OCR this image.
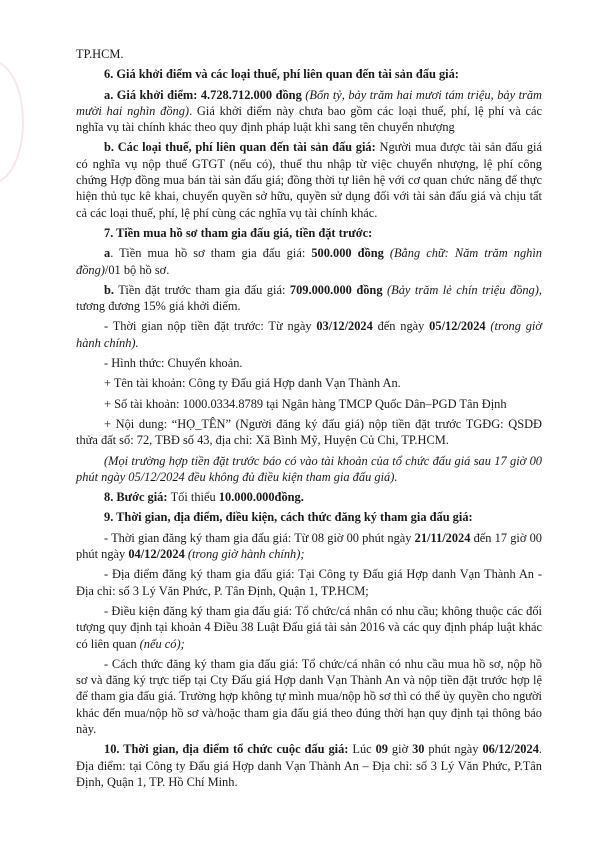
TP.HCM.

6. Giá khởi điểm và các loại thuế, phí liên quan đến tài sản đấu giá:

a. Giá khởi điểm: 4.728.712.000 đồng (Bốn tỷ, bảy trăm hai mươi tám triệu, bảy trăm mười hai nghìn đồng). Giá khởi điểm này chưa bao gồm các loại thuế, phí, lệ phí và các nghĩa vụ tài chính khác theo quy định pháp luật khi sang tên chuyển nhượng

b. Các loại thuế, phí liên quan đến tài sản đấu giá: Người mua được tài sản đấu giá có nghĩa vụ nộp thuế GTGT (nếu có), thuế thu nhập từ việc chuyển nhượng, lệ phí công chứng Hợp đồng mua bán tài sản đấu giá; đồng thời tự liên hệ với cơ quan chức năng để thực hiện thủ tục kê khai, chuyển quyền sở hữu, quyền sử dụng đối với tài sản đấu giá và chịu tất cả các loại thuế, phí, lệ phí cùng các nghĩa vụ tài chính khác.

7. Tiền mua hồ sơ tham gia đấu giá, tiền đặt trước:

a. Tiền mua hồ sơ tham gia đấu giá: 500.000 đồng (Bằng chữ: Năm trăm nghìn đồng)/01 bộ hồ sơ.

b. Tiền đặt trước tham gia đấu giá: 709.000.000 đồng (Bảy trăm lẻ chín triệu đồng), tương đương 15% giá khởi điểm.

- Thời gian nộp tiền đặt trước: Từ ngày 03/12/2024 đến ngày 05/12/2024 (trong giờ hành chính).

- Hình thức: Chuyển khoản.

+ Tên tài khoản: Công ty Đấu giá Hợp danh Vạn Thành An.

+ Số tài khoản: 1000.0334.8789 tại Ngân hàng TMCP Quốc Dân–PGD Tân Định

+ Nội dung: “HỌ_TÊN” (Người đăng ký đấu giá) nộp tiền đặt trước TGĐG: QSDĐ thửa đất số: 72, TBĐ số 43, địa chỉ: Xã Bình Mỹ, Huyện Củ Chi, TP.HCM.

(Mọi trường hợp tiền đặt trước báo có vào tài khoản của tổ chức đấu giá sau 17 giờ 00 phút ngày 05/12/2024 đều không đủ điều kiện tham gia đấu giá).

8. Bước giá: Tối thiểu 10.000.000đồng.

9. Thời gian, địa điểm, điều kiện, cách thức đăng ký tham gia đấu giá:

- Thời gian đăng ký tham gia đấu giá: Từ 08 giờ 00 phút ngày 21/11/2024 đến 17 giờ 00 phút ngày 04/12/2024 (trong giờ hành chính);

- Địa điểm đăng ký tham gia đấu giá: Tại Công ty Đấu giá Hợp danh Vạn Thành An - Địa chỉ: số 3 Lý Văn Phức, P. Tân Định, Quận 1, TP.HCM;

- Điều kiện đăng ký tham gia đấu giá: Tổ chức/cá nhân có nhu cầu; không thuộc các đối tượng quy định tại khoản 4 Điều 38 Luật Đấu giá tài sản 2016 và các quy định pháp luật khác có liên quan (nếu có);

- Cách thức đăng ký tham gia đấu giá: Tổ chức/cá nhân có nhu cầu mua hồ sơ, nộp hồ sơ và đăng ký trực tiếp tại Cty Đấu giá Hợp danh Vạn Thành An và nộp tiền đặt trước hợp lệ để tham gia đấu giá. Trường hợp không tự mình mua/nộp hồ sơ thì có thể ủy quyền cho người khác đến mua/nộp hồ sơ và/hoặc tham gia đấu giá theo đúng thời hạn quy định tại thông báo này.

10. Thời gian, địa điểm tổ chức cuộc đấu giá: Lúc 09 giờ 30 phút ngày 06/12/2024. Địa điểm: tại Công ty Đấu giá Hợp danh Vạn Thành An – Địa chỉ: số 3 Lý Văn Phức, P.Tân Định, Quận 1, TP. Hồ Chí Minh.
